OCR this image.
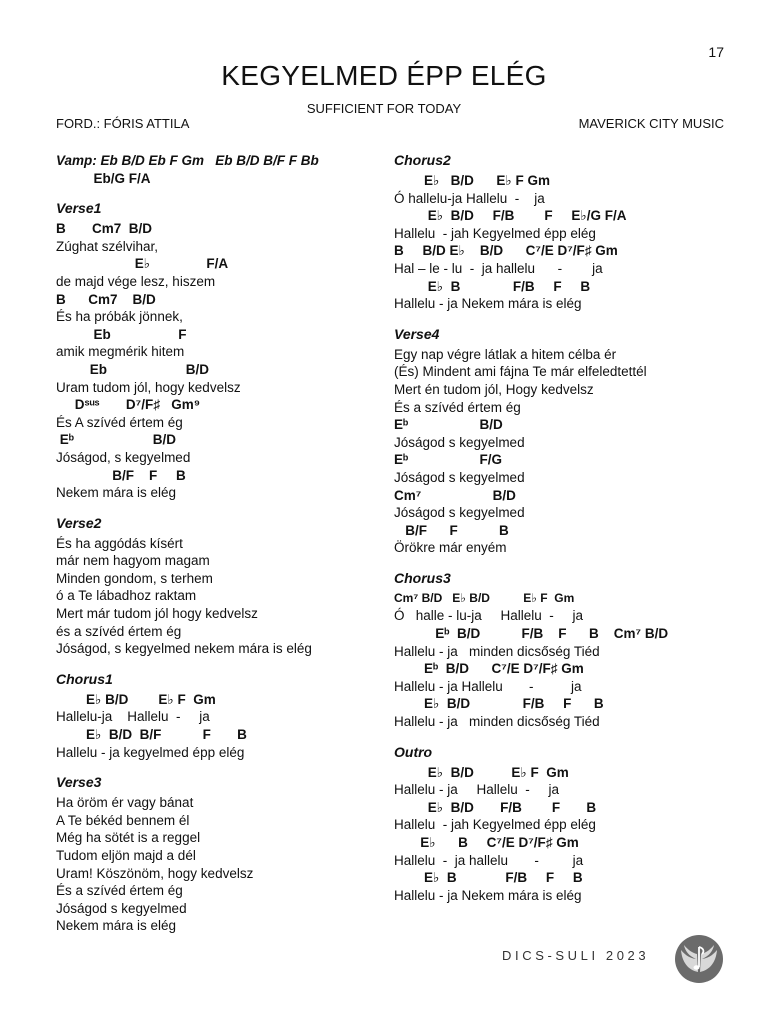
17
KEGYELMED ÉPP ELÉG
SUFFICIENT FOR TODAY
FORD.: FÓRIS ATTILA	MAVERICK CITY MUSIC
Vamp: Eb B/D Eb F Gm   Eb B/D B/F F Bb
Eb/G F/A
Verse1
B       Cm7  B/D
Zúghat szélvihar,
E♭               F/A
de majd vége lesz, hiszem
B      Cm7    B/D
És ha próbák jönnek,
Eb                  F
amik megmérik hitem
Eb                     B/D
Uram tudom jól, hogy kedvelsz
Dˢᵘˢ       D⁷/F♯   Gm⁹
És A szívéd értem ég
Eᵇ                     B/D
Jóságod, s kegyelmed
B/F    F     B
Nekem mára is elég
Verse2
És ha aggódás kísért
már nem hagyom magam
Minden gondom, s terhem
ó a Te lábadhoz raktam
Mert már tudom jól hogy kedvelsz
és a szívéd értem ég
Jóságod, s kegyelmed nekem mára is elég
Chorus1
E♭ B/D        E♭ F  Gm
Hallelu-ja    Hallelu  -     ja
E♭  B/D  B/F           F       B
Hallelu - ja kegyelmed épp elég
Verse3
Ha öröm ér vagy bánat
A Te békéd bennem él
Még ha sötét is a reggel
Tudom eljön majd a dél
Uram! Köszönöm, hogy kedvelsz
És a szívéd értem ég
Jóságod s kegyelmed
Nekem mára is elég
Chorus2
E♭   B/D      E♭ F Gm
Ó hallelu-ja Hallelu  -    ja
E♭  B/D     F/B        F     E♭/G F/A
Hallelu  - jah Kegyelmed épp elég
B     B/D E♭    B/D      C⁷/E D⁷/F♯ Gm
Hal – le - lu  -  ja hallelu      -        ja
E♭  B              F/B     F     B
Hallelu - ja Nekem mára is elég
Verse4
Egy nap végre látlak a hitem célba ér
(És) Mindent ami fájna Te már elfeledtettél
Mert én tudom jól, Hogy kedvelsz
És a szívéd értem ég
Eᵇ                   B/D
Jóságod s kegyelmed
Eᵇ                   F/G
Jóságod s kegyelmed
Cm⁷                   B/D
Jóságod s kegyelmed
B/F      F           B
Örökre már enyém
Chorus3
Cm⁷ B/D   E♭ B/D          E♭ F  Gm
Ó   halle - lu-ja     Hallelu  -     ja
Eᵇ  B/D           F/B    F      B    Cm⁷ B/D
Hallelu - ja   minden dicsőség Tiéd
Eᵇ  B/D      C⁷/E D⁷/F♯ Gm
Hallelu - ja Hallelu       -          ja
E♭  B/D              F/B     F      B
Hallelu - ja   minden dicsőség Tiéd
Outro
E♭  B/D          E♭ F  Gm
Hallelu - ja     Hallelu  -     ja
E♭  B/D       F/B        F       B
Hallelu  - jah Kegyelmed épp elég
E♭      B     C⁷/E D⁷/F♯ Gm
Hallelu  -  ja hallelu       -         ja
E♭  B             F/B     F     B
Hallelu - ja Nekem mára is elég
DICS-SULI 2023
